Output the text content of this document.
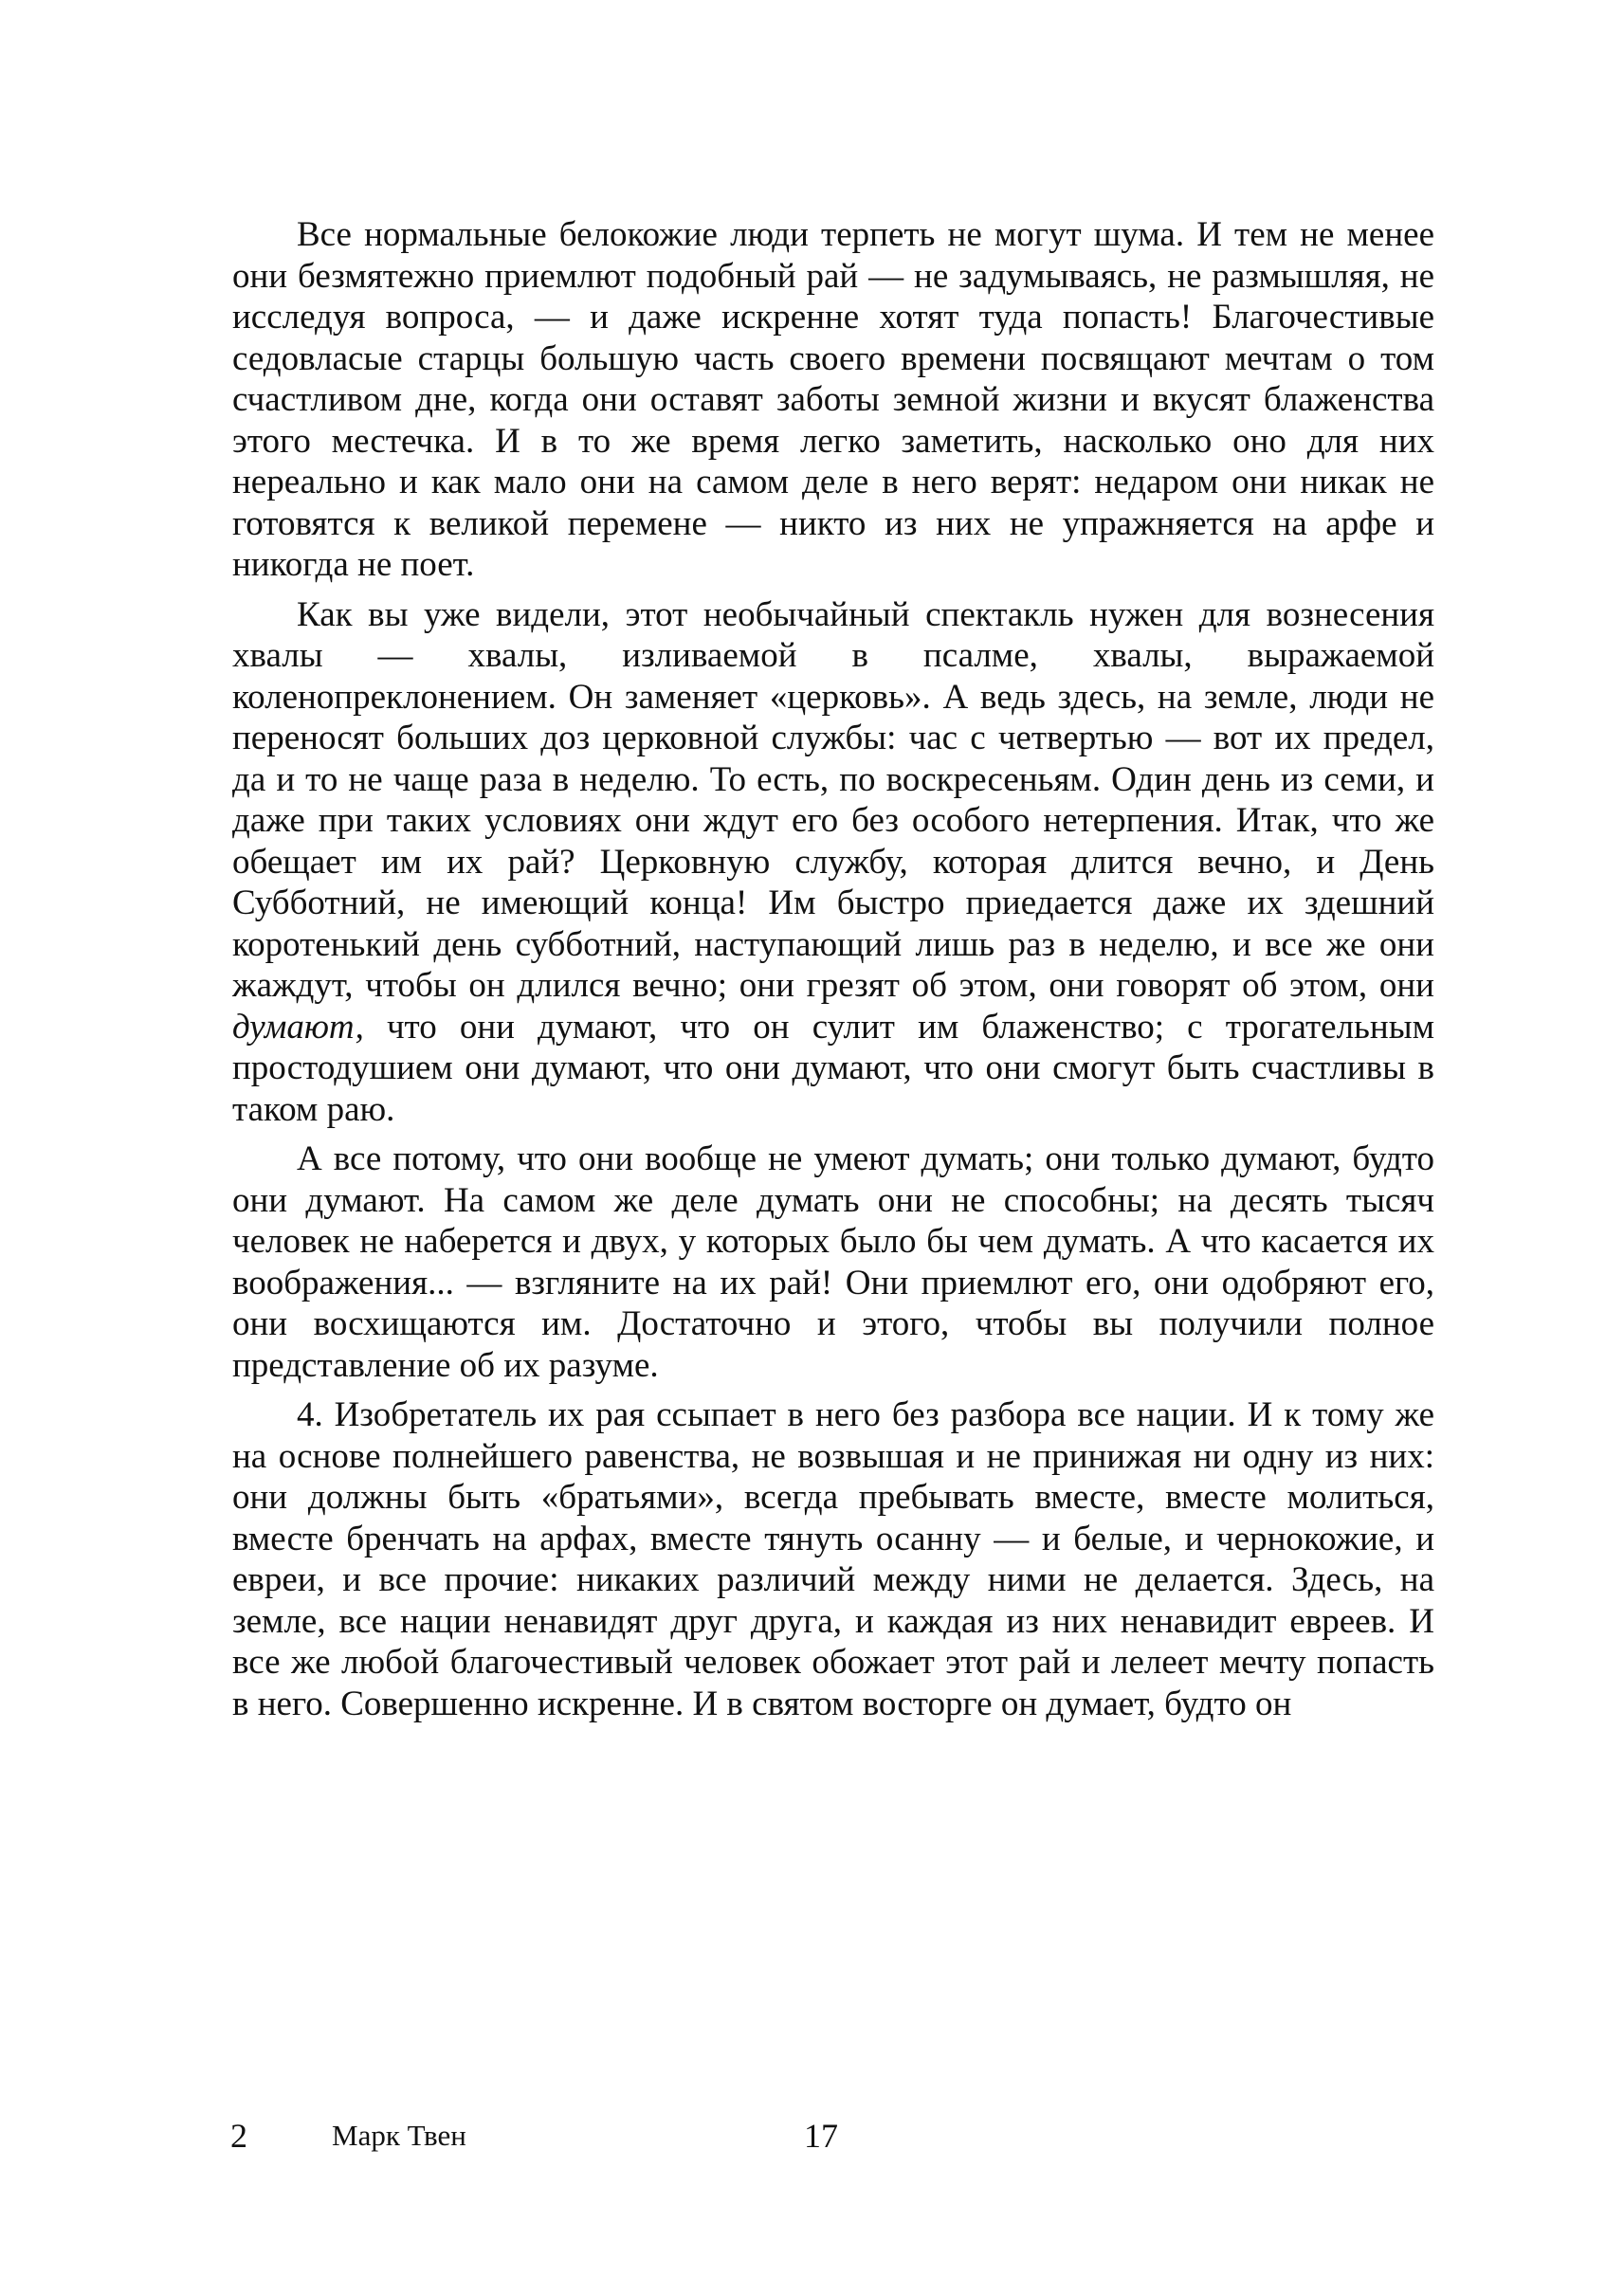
Все нормальные белокожие люди терпеть не могут шума. И тем не менее они безмятежно приемлют подобный рай — не задумываясь, не размышляя, не исследуя вопроса, — и даже искренне хотят туда попасть! Благочестивые седовласые старцы большую часть своего времени посвящают мечтам о том счастливом дне, когда они оставят заботы земной жизни и вкусят блаженства этого местечка. И в то же время легко заметить, насколько оно для них нереально и как мало они на самом деле в него верят: недаром они никак не готовятся к великой перемене — никто из них не упражняется на арфе и никогда не поет.

Как вы уже видели, этот необычайный спектакль нужен для вознесения хвалы — хвалы, изливаемой в псалме, хвалы, выражаемой коленопреклонением. Он заменяет «церковь». А ведь здесь, на земле, люди не переносят больших доз церковной службы: час с четвертью — вот их предел, да и то не чаще раза в неделю. То есть, по воскресеньям. Один день из семи, и даже при таких условиях они ждут его без особого нетерпения. Итак, что же обещает им их рай? Церковную службу, которая длится вечно, и День Субботний, не имеющий конца! Им быстро приедается даже их здешний коротенький день субботний, наступающий лишь раз в неделю, и все же они жаждут, чтобы он длился вечно; они грезят об этом, они говорят об этом, они думают, что они думают, что он сулит им блаженство; с трогательным простодушием они думают, что они думают, что они смогут быть счастливы в таком раю.

А все потому, что они вообще не умеют думать; они только думают, будто они думают. На самом же деле думать они не способны; на десять тысяч человек не наберется и двух, у которых было бы чем думать. А что касается их воображения... — взгляните на их рай! Они приемлют его, они одобряют его, они восхищаются им. Достаточно и этого, чтобы вы получили полное представление об их разуме.

4. Изобретатель их рая ссыпает в него без разбора все нации. И к тому же на основе полнейшего равенства, не возвышая и не принижая ни одну из них: они должны быть «братьями», всегда пребывать вместе, вместе молиться, вместе бренчать на арфах, вместе тянуть осанну — и белые, и чернокожие, и евреи, и все прочие: никаких различий между ними не делается. Здесь, на земле, все нации ненавидят друг друга, и каждая из них ненавидит евреев. И все же любой благочестивый человек обожает этот рай и лелеет мечту попасть в него. Совершенно искренне. И в святом восторге он думает, будто он

2	Марк Твен	17
